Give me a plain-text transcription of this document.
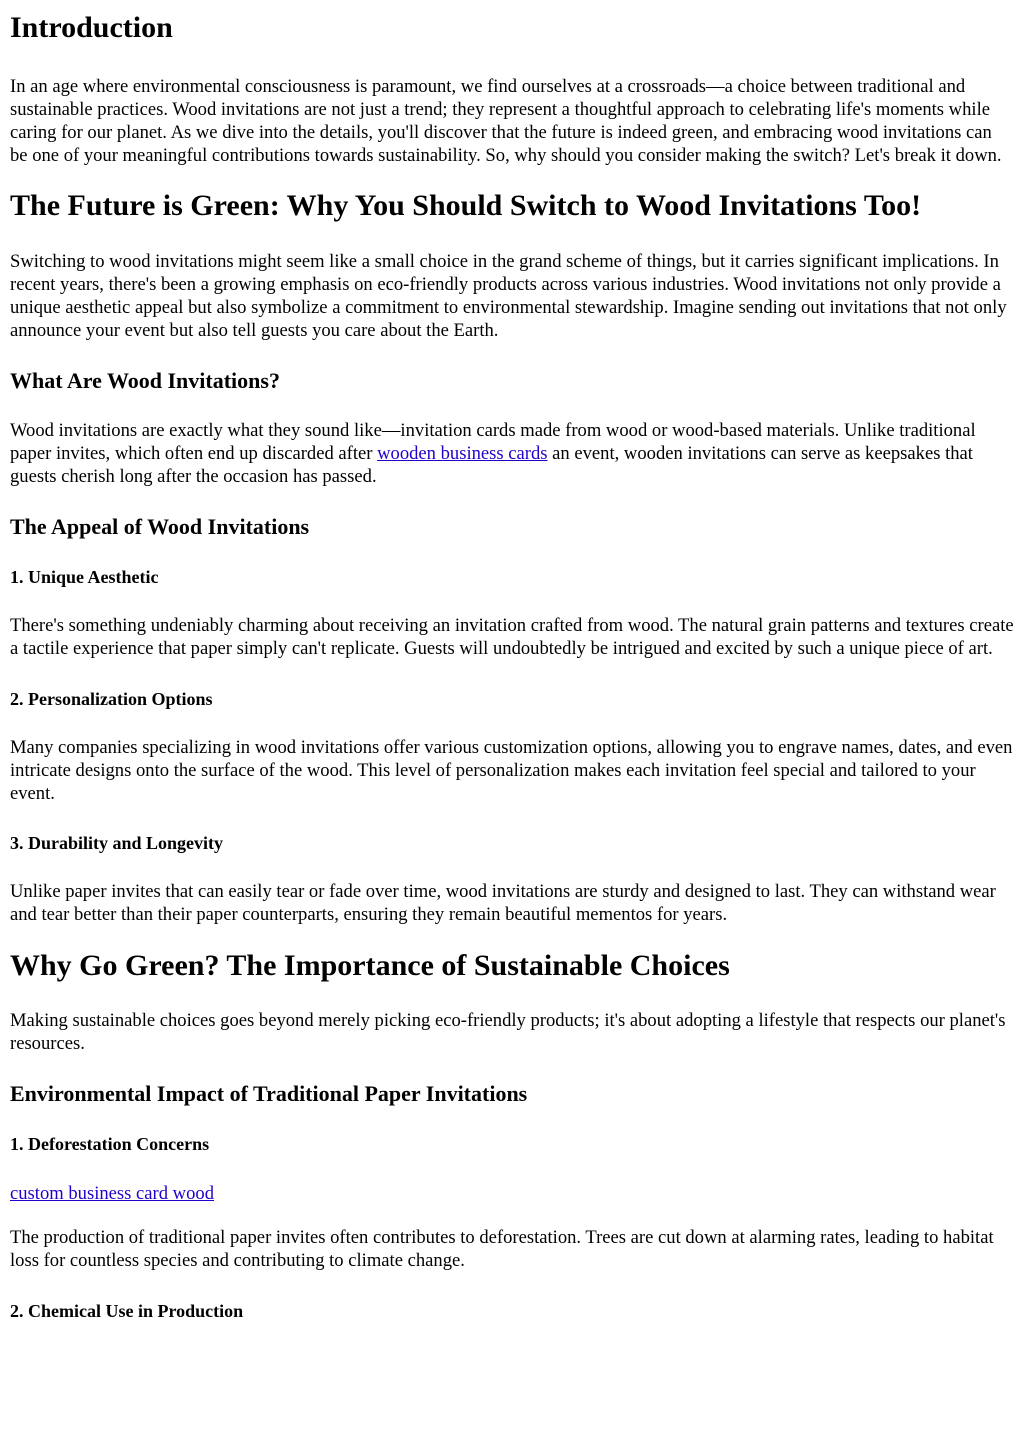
Introduction

In an age where environmental consciousness is paramount, we find ourselves at a crossroads—a choice between traditional and sustainable practices. Wood invitations are not just a trend; they represent a thoughtful approach to celebrating life's moments while caring for our planet. As we dive into the details, you'll discover that the future is indeed green, and embracing wood invitations can be one of your meaningful contributions towards sustainability. So, why should you consider making the switch? Let's break it down.

The Future is Green: Why You Should Switch to Wood Invitations Too!

Switching to wood invitations might seem like a small choice in the grand scheme of things, but it carries significant implications. In recent years, there's been a growing emphasis on eco-friendly products across various industries. Wood invitations not only provide a unique aesthetic appeal but also symbolize a commitment to environmental stewardship. Imagine sending out invitations that not only announce your event but also tell guests you care about the Earth.

What Are Wood Invitations?

Wood invitations are exactly what they sound like—invitation cards made from wood or wood-based materials. Unlike traditional paper invites, which often end up discarded after wooden business cards an event, wooden invitations can serve as keepsakes that guests cherish long after the occasion has passed.

The Appeal of Wood Invitations
1. Unique Aesthetic

There's something undeniably charming about receiving an invitation crafted from wood. The natural grain patterns and textures create a tactile experience that paper simply can't replicate. Guests will undoubtedly be intrigued and excited by such a unique piece of art.

2. Personalization Options

Many companies specializing in wood invitations offer various customization options, allowing you to engrave names, dates, and even intricate designs onto the surface of the wood. This level of personalization makes each invitation feel special and tailored to your event.

3. Durability and Longevity

Unlike paper invites that can easily tear or fade over time, wood invitations are sturdy and designed to last. They can withstand wear and tear better than their paper counterparts, ensuring they remain beautiful mementos for years.

Why Go Green? The Importance of Sustainable Choices

Making sustainable choices goes beyond merely picking eco-friendly products; it's about adopting a lifestyle that respects our planet's resources.

Environmental Impact of Traditional Paper Invitations
1. Deforestation Concerns

custom business card wood

The production of traditional paper invites often contributes to deforestation. Trees are cut down at alarming rates, leading to habitat loss for countless species and contributing to climate change.

2. Chemical Use in Production
